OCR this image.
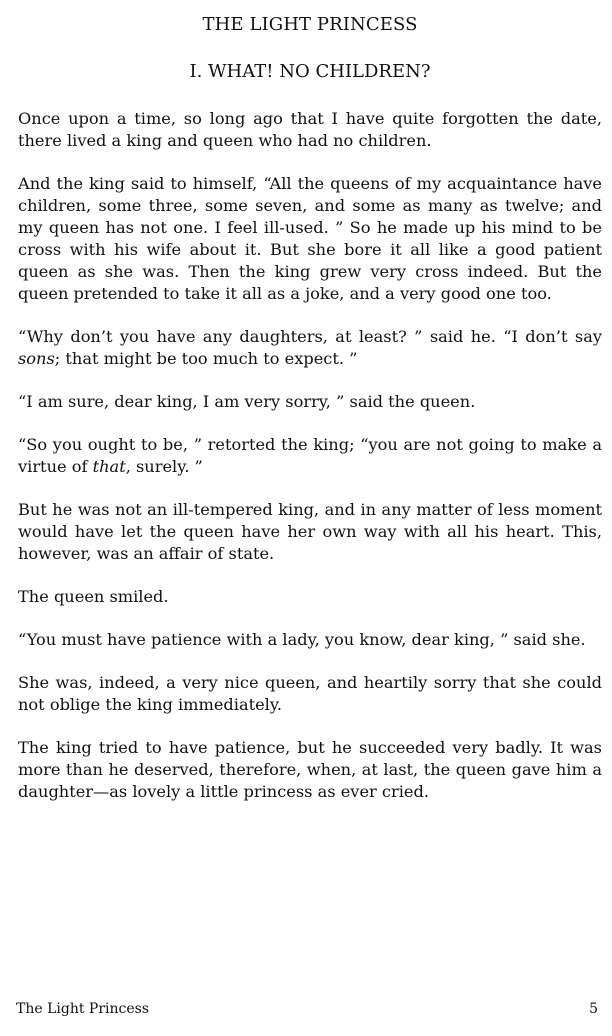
THE LIGHT PRINCESS
I. WHAT! NO CHILDREN?

Once upon a time, so long ago that I have quite forgotten the date, there lived a king and queen who had no children.

And the king said to himself, “All the queens of my acquaintance have children, some three, some seven, and some as many as twelve; and my queen has not one. I feel ill-used. ” So he made up his mind to be cross with his wife about it. But she bore it all like a good patient queen as she was. Then the king grew very cross indeed. But the queen pretended to take it all as a joke, and a very good one too.

“Why don’t you have any daughters, at least? ” said he. “I don’t say sons; that might be too much to expect. ”

“I am sure, dear king, I am very sorry, ” said the queen.

“So you ought to be, ” retorted the king; “you are not going to make a virtue of that, surely. ”

But he was not an ill-tempered king, and in any matter of less moment would have let the queen have her own way with all his heart. This, however, was an affair of state.

The queen smiled.

“You must have patience with a lady, you know, dear king, ” said she.

She was, indeed, a very nice queen, and heartily sorry that she could not oblige the king immediately.

The king tried to have patience, but he succeeded very badly. It was more than he deserved, therefore, when, at last, the queen gave him a daughter—as lovely a little princess as ever cried.

The Light Princess	5
